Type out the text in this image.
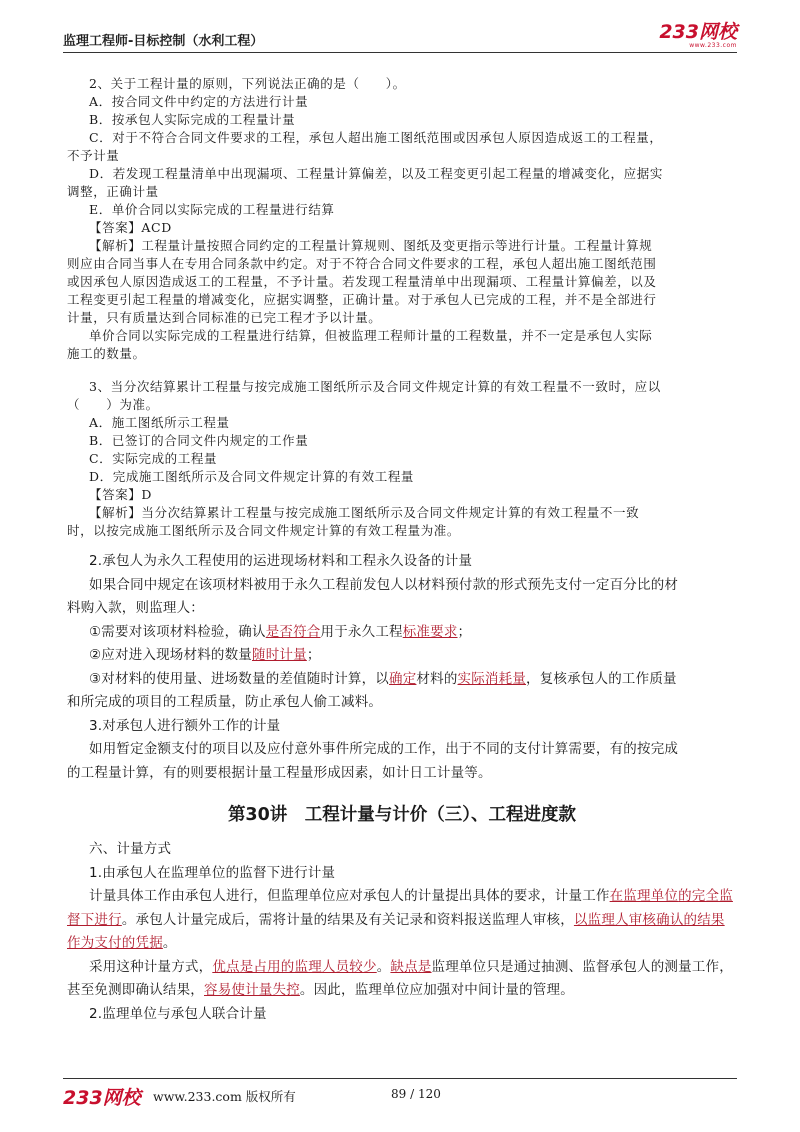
监理工程师-目标控制（水利工程）	233网校
www.233.com

2、关于工程计量的原则，下列说法正确的是（　　）。

A．按合同文件中约定的方法进行计量

B．按承包人实际完成的工程量计量

C．对于不符合合同文件要求的工程，承包人超出施工图纸范围或因承包人原因造成返工的工程量，

不予计量

D．若发现工程量清单中出现漏项、工程量计算偏差，以及工程变更引起工程量的增减变化，应据实

调整，正确计量

E．单价合同以实际完成的工程量进行结算

【答案】ACD

【解析】工程量计量按照合同约定的工程量计算规则、图纸及变更指示等进行计量。工程量计算规

则应由合同当事人在专用合同条款中约定。对于不符合合同文件要求的工程，承包人超出施工图纸范围

或因承包人原因造成返工的工程量，不予计量。若发现工程量清单中出现漏项、工程量计算偏差，以及

工程变更引起工程量的增减变化，应据实调整，正确计量。对于承包人已完成的工程，并不是全部进行

计量，只有质量达到合同标准的已完工程才予以计量。

单价合同以实际完成的工程量进行结算，但被监理工程师计量的工程数量，并不一定是承包人实际

施工的数量。

3、当分次结算累计工程量与按完成施工图纸所示及合同文件规定计算的有效工程量不一致时，应以

（　　）为准。

A．施工图纸所示工程量

B．已签订的合同文件内规定的工作量

C．实际完成的工程量

D．完成施工图纸所示及合同文件规定计算的有效工程量

【答案】D

【解析】当分次结算累计工程量与按完成施工图纸所示及合同文件规定计算的有效工程量不一致

时，以按完成施工图纸所示及合同文件规定计算的有效工程量为准。

2.承包人为永久工程使用的运进现场材料和工程永久设备的计量

如果合同中规定在该项材料被用于永久工程前发包人以材料预付款的形式预先支付一定百分比的材

料购入款，则监理人：

①需要对该项材料检验，确认是否符合用于永久工程标准要求；

②应对进入现场材料的数量随时计量；

③对材料的使用量、进场数量的差值随时计算，以确定材料的实际消耗量，复核承包人的工作质量

和所完成的项目的工程质量，防止承包人偷工减料。

3.对承包人进行额外工作的计量

如用暂定金额支付的项目以及应付意外事件所完成的工作，出于不同的支付计算需要，有的按完成

的工程量计算，有的则要根据计量工程量形成因素，如计日工计量等。

第30讲　工程计量与计价（三）、工程进度款

六、计量方式

1.由承包人在监理单位的监督下进行计量

计量具体工作由承包人进行，但监理单位应对承包人的计量提出具体的要求，计量工作在监理单位的完全监督下进行。承包人计量完成后，需将计量的结果及有关记录和资料报送监理人审核，以监理人审核确认的结果作为支付的凭据。

采用这种计量方式，优点是占用的监理人员较少。缺点是监理单位只是通过抽测、监督承包人的测量工作，甚至免测即确认结果，容易使计量失控。因此，监理单位应加强对中间计量的管理。

2.监理单位与承包人联合计量

233网校 www.233.com 版权所有	89 / 120
